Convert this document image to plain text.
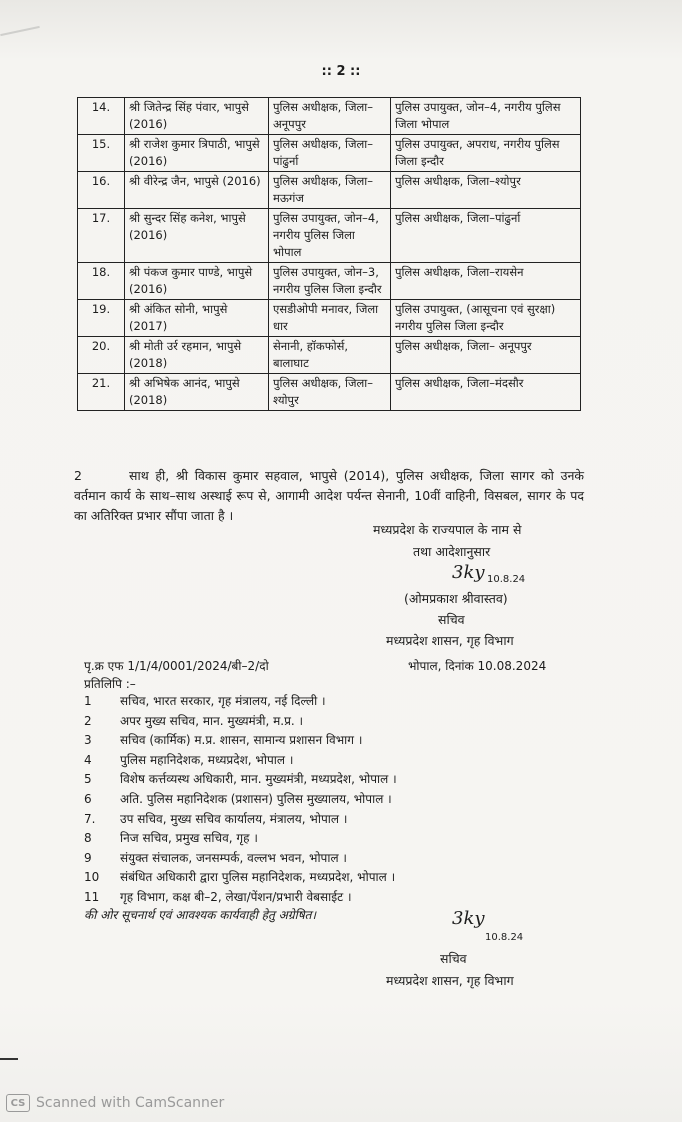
:: 2 ::
14.	श्री जितेन्द्र सिंह पंवार, भापुसे (2016)	पुलिस अधीक्षक, जिला– अनूपपुर	पुलिस उपायुक्त, जोन–4, नगरीय पुलिस जिला भोपाल
15.	श्री राजेश कुमार त्रिपाठी, भापुसे (2016)	पुलिस अधीक्षक, जिला–पांढुर्ना	पुलिस उपायुक्त, अपराध, नगरीय पुलिस जिला इन्दौर
16.	श्री वीरेन्द्र जैन, भापुसे (2016)	पुलिस अधीक्षक, जिला–मऊगंज	पुलिस अधीक्षक, जिला–श्योपुर
17.	श्री सुन्दर सिंह कनेश, भापुसे (2016)	पुलिस उपायुक्त, जोन–4, नगरीय पुलिस जिला भोपाल	पुलिस अधीक्षक, जिला–पांढुर्ना
18.	श्री पंकज कुमार पाण्डे, भापुसे (2016)	पुलिस उपायुक्त, जोन–3, नगरीय पुलिस जिला इन्दौर	पुलिस अधीक्षक, जिला–रायसेन
19.	श्री अंकित सोनी, भापुसे (2017)	एसडीओपी मनावर, जिला धार	पुलिस उपायुक्त, (आसूचना एवं सुरक्षा) नगरीय पुलिस जिला इन्दौर
20.	श्री मोती उर्र रहमान, भापुसे (2018)	सेनानी, हॉकफोर्स, बालाघाट	पुलिस अधीक्षक, जिला– अनूपपुर
21.	श्री अभिषेक आनंद, भापुसे (2018)	पुलिस अधीक्षक, जिला–श्योपुर	पुलिस अधीक्षक, जिला–मंदसौर
2	साथ ही, श्री विकास कुमार सहवाल, भापुसे (2014), पुलिस अधीक्षक, जिला सागर को उनके वर्तमान कार्य के साथ–साथ अस्थाई रूप से, आगामी आदेश पर्यन्त सेनानी, 10वीं वाहिनी, विसबल, सागर के पद का अतिरिक्त प्रभार सौंपा जाता है ।
मध्यप्रदेश के राज्यपाल के नाम से
तथा आदेशानुसार
3ky 10.8.24
(ओमप्रकाश श्रीवास्तव)
सचिव
मध्यप्रदेश शासन, गृह विभाग
पृ.क्र एफ 1/1/4/0001/2024/बी–2/दो	भोपाल, दिनांक 10.08.2024
प्रतिलिपि :–
1	सचिव, भारत सरकार, गृह मंत्रालय, नई दिल्ली ।
2	अपर मुख्य सचिव, मान. मुख्यमंत्री, म.प्र. ।
3	सचिव (कार्मिक) म.प्र. शासन, सामान्य प्रशासन विभाग ।
4	पुलिस महानिदेशक, मध्यप्रदेश, भोपाल ।
5	विशेष कर्त्तव्यस्थ अधिकारी, मान. मुख्यमंत्री, मध्यप्रदेश, भोपाल ।
6	अति. पुलिस महानिदेशक (प्रशासन) पुलिस मुख्यालय, भोपाल ।
7.	उप सचिव, मुख्य सचिव कार्यालय, मंत्रालय, भोपाल ।
8	निज सचिव, प्रमुख सचिव, गृह ।
9	संयुक्त संचालक, जनसम्पर्क, वल्लभ भवन, भोपाल ।
10	संबंधित अधिकारी द्वारा पुलिस महानिदेशक, मध्यप्रदेश, भोपाल ।
11	गृह विभाग, कक्ष बी–2, लेखा/पेंशन/प्रभारी वेबसाईट ।
की ओर सूचनार्थ एवं आवश्यक कार्यवाही हेतु अग्रेषित।	3ky
10.8.24
सचिव
मध्यप्रदेश शासन, गृह विभाग
CS Scanned with CamScanner
